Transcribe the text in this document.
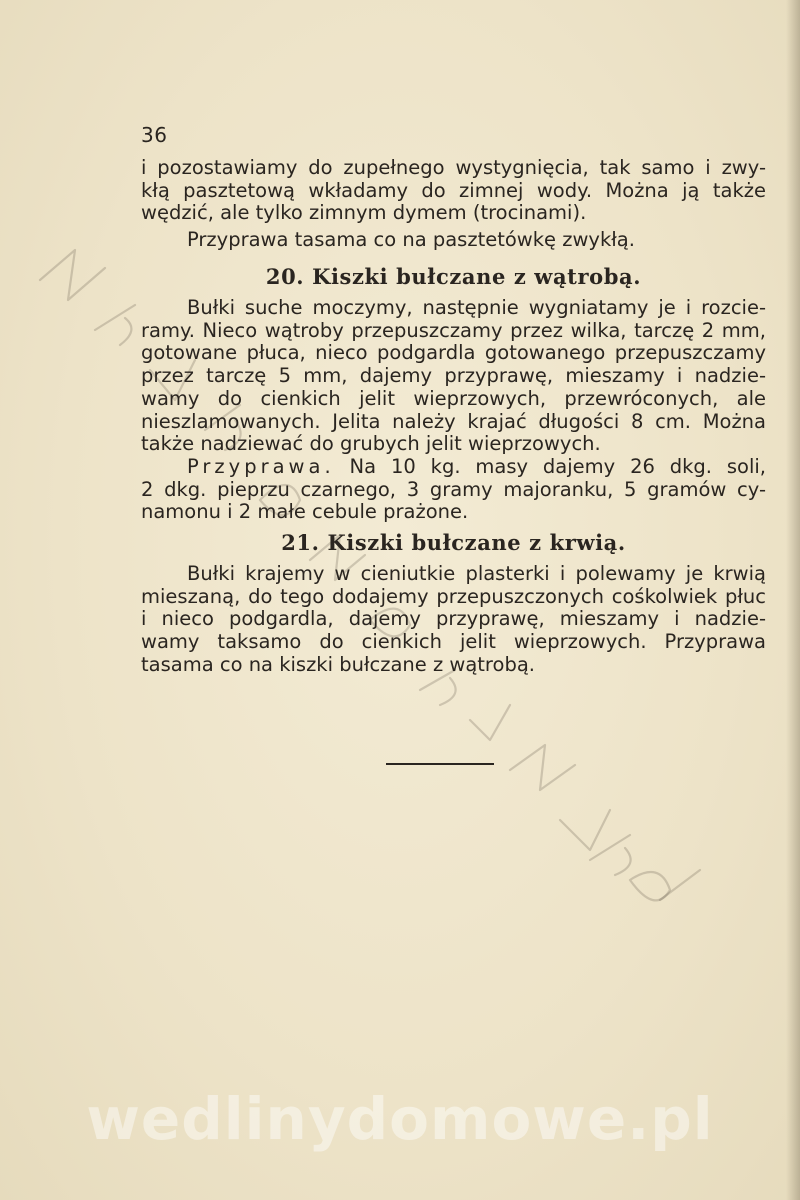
36
i pozostawiamy do zupełnego wystygnięcia, tak samo i zwy-
kłą pasztetową wkładamy do zimnej wody. Można ją także
wędzić, ale tylko zimnym dymem (trocinami).
Przyprawa tasama co na pasztetówkę zwykłą.
20. Kiszki bułczane z wątrobą.
Bułki suche moczymy, następnie wygniatamy je i rozcie-
ramy. Nieco wątroby przepuszczamy przez wilka, tarczę 2 mm,
gotowane płuca, nieco podgardla gotowanego przepuszczamy
przez tarczę 5 mm, dajemy przyprawę, mieszamy i nadzie-
wamy do cienkich jelit wieprzowych, przewróconych, ale
nieszlamowanych. Jelita należy krajać długości 8 cm. Można
także nadziewać do grubych jelit wieprzowych.
Przyprawa. Na 10 kg. masy dajemy 26 dkg. soli,
2 dkg. pieprzu czarnego, 3 gramy majoranku, 5 gramów cy-
namonu i 2 małe cebule prażone.
21. Kiszki bułczane z krwią.
Bułki krajemy w cieniutkie plasterki i polewamy je krwią
mieszaną, do tego dodajemy przepuszczonych cośkolwiek płuc
i nieco podgardla, dajemy przyprawę, mieszamy i nadzie-
wamy taksamo do cienkich jelit wieprzowych. Przyprawa
tasama co na kiszki bułczane z wątrobą.
wedlinydomowe.pl
